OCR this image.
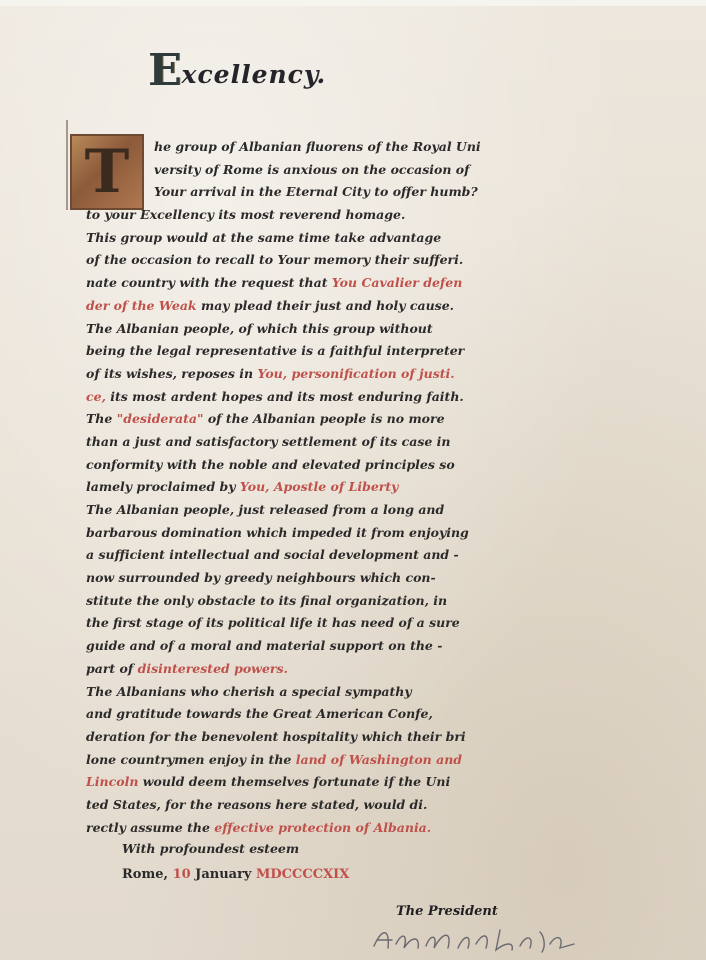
E xcellency.
T	he group of Albanian fluorens of the Royal Uni
versity of Rome is anxious on the occasion of
Your arrival in the Eternal City to offer humb?
to your Excellency its most reverend homage.
This group would at the same time take advantage
of the occasion to recall to Your memory their sufferi.
nate country with the request that You Cavalier defen
der of the Weak may plead their just and holy cause.
The Albanian people, of which this group without
being the legal representative is a faithful interpreter
of its wishes, reposes in You, personification of justi.
ce, its most ardent hopes and its most enduring faith.
The "desiderata" of the Albanian people is no more
than a just and satisfactory settlement of its case in
conformity with the noble and elevated principles so
lamely proclaimed by You, Apostle of Liberty
The Albanian people, just released from a long and
barbarous domination which impeded it from enjoying
a sufficient intellectual and social development and -
now surrounded by greedy neighbours which con-
stitute the only obstacle to its final organization, in
the first stage of its political life it has need of a sure
guide and of a moral and material support on the -
part of disinterested powers.
The Albanians who cherish a special sympathy
and gratitude towards the Great American Confe,
deration for the benevolent hospitality which their bri
lone countrymen enjoy in the land of Washington and
Lincoln would deem themselves fortunate if the Uni
ted States, for the reasons here stated, would di.
rectly assume the effective protection of Albania.
With profoundest esteem
Rome, 10 January MDCCCCXIX
The President
